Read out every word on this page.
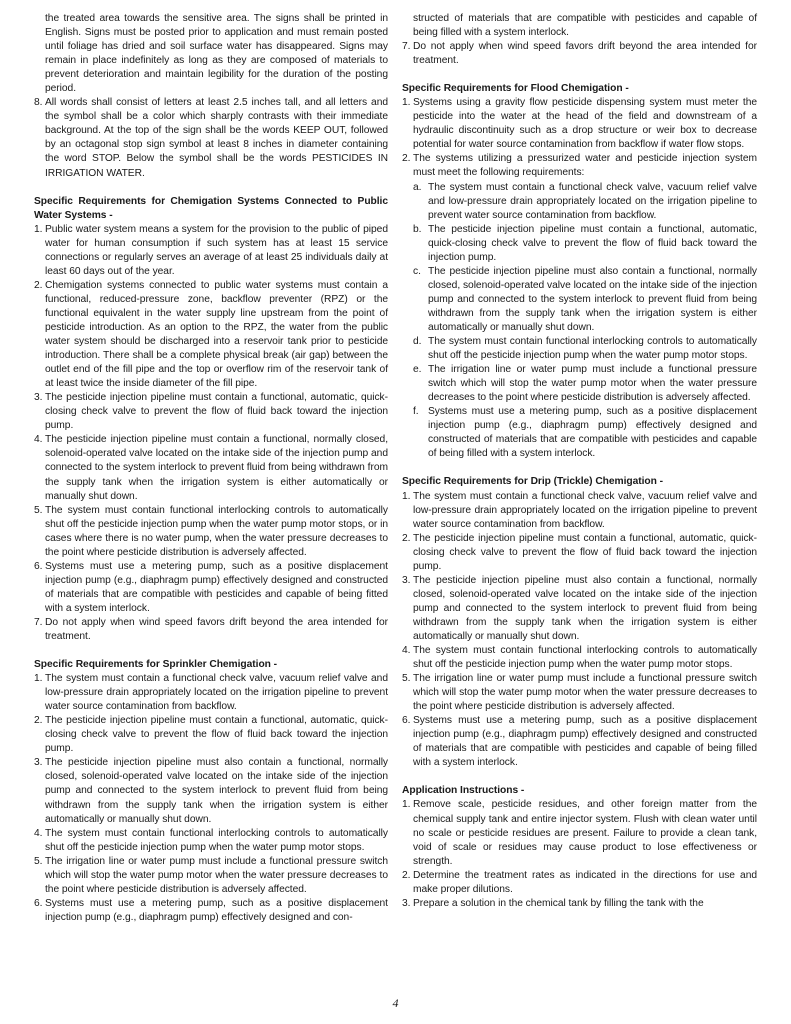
the treated area towards the sensitive area. The signs shall be printed in English. Signs must be posted prior to application and must remain posted until foliage has dried and soil surface water has disappeared. Signs may remain in place indefinitely as long as they are composed of materials to prevent deterioration and maintain legibility for the duration of the posting period.

8. All words shall consist of letters at least 2.5 inches tall, and all letters and the symbol shall be a color which sharply contrasts with their immediate background. At the top of the sign shall be the words KEEP OUT, followed by an octagonal stop sign symbol at least 8 inches in diameter containing the word STOP. Below the symbol shall be the words PESTICIDES IN IRRIGATION WATER.

Specific Requirements for Chemigation Systems Connected to Public Water Systems -

1. Public water system means a system for the provision to the public of piped water for human consumption if such system has at least 15 service connections or regularly serves an average of at least 25 individuals daily at least 60 days out of the year.
2. Chemigation systems connected to public water systems must contain a functional, reduced-pressure zone, backflow preventer (RPZ) or the functional equivalent in the water supply line upstream from the point of pesticide introduction. As an option to the RPZ, the water from the public water system should be discharged into a reservoir tank prior to pesticide introduction. There shall be a complete physical break (air gap) between the outlet end of the fill pipe and the top or overflow rim of the reservoir tank of at least twice the inside diameter of the fill pipe.
3. The pesticide injection pipeline must contain a functional, automatic, quick-closing check valve to prevent the flow of fluid back toward the injection pump.
4. The pesticide injection pipeline must contain a functional, normally closed, solenoid-operated valve located on the intake side of the injection pump and connected to the system interlock to prevent fluid from being withdrawn from the supply tank when the irrigation system is either automatically or manually shut down.
5. The system must contain functional interlocking controls to automatically shut off the pesticide injection pump when the water pump motor stops, or in cases where there is no water pump, when the water pressure decreases to the point where pesticide distribution is adversely affected.
6. Systems must use a metering pump, such as a positive displacement injection pump (e.g., diaphragm pump) effectively designed and constructed of materials that are compatible with pesticides and capable of being fitted with a system interlock.
7. Do not apply when wind speed favors drift beyond the area intended for treatment.

Specific Requirements for Sprinkler Chemigation -

1. The system must contain a functional check valve, vacuum relief valve and low-pressure drain appropriately located on the irrigation pipeline to prevent water source contamination from backflow.
2. The pesticide injection pipeline must contain a functional, automatic, quick-closing check valve to prevent the flow of fluid back toward the injection pump.
3. The pesticide injection pipeline must also contain a functional, normally closed, solenoid-operated valve located on the intake side of the injection pump and connected to the system interlock to prevent fluid from being withdrawn from the supply tank when the irrigation system is either automatically or manually shut down.
4. The system must contain functional interlocking controls to automatically shut off the pesticide injection pump when the water pump motor stops.
5. The irrigation line or water pump must include a functional pressure switch which will stop the water pump motor when the water pressure decreases to the point where pesticide distribution is adversely affected.
6. Systems must use a metering pump, such as a positive displacement injection pump (e.g., diaphragm pump) effectively designed and con-

structed of materials that are compatible with pesticides and capable of being filled with a system interlock.

7. Do not apply when wind speed favors drift beyond the area intended for treatment.

Specific Requirements for Flood Chemigation -

1. Systems using a gravity flow pesticide dispensing system must meter the pesticide into the water at the head of the field and downstream of a hydraulic discontinuity such as a drop structure or weir box to decrease potential for water source contamination from backflow if water flow stops.
2. The systems utilizing a pressurized water and pesticide injection system must meet the following requirements:
a. The system must contain a functional check valve, vacuum relief valve and low-pressure drain appropriately located on the irrigation pipeline to prevent water source contamination from backflow.
b. The pesticide injection pipeline must contain a functional, automatic, quick-closing check valve to prevent the flow of fluid back toward the injection pump.
c. The pesticide injection pipeline must also contain a functional, normally closed, solenoid-operated valve located on the intake side of the injection pump and connected to the system interlock to prevent fluid from being withdrawn from the supply tank when the irrigation system is either automatically or manually shut down.
d. The system must contain functional interlocking controls to automatically shut off the pesticide injection pump when the water pump motor stops.
e. The irrigation line or water pump must include a functional pressure switch which will stop the water pump motor when the water pressure decreases to the point where pesticide distribution is adversely affected.
f. Systems must use a metering pump, such as a positive displacement injection pump (e.g., diaphragm pump) effectively designed and constructed of materials that are compatible with pesticides and capable of being filled with a system interlock.

Specific Requirements for Drip (Trickle) Chemigation -

1. The system must contain a functional check valve, vacuum relief valve and low-pressure drain appropriately located on the irrigation pipeline to prevent water source contamination from backflow.
2. The pesticide injection pipeline must contain a functional, automatic, quick-closing check valve to prevent the flow of fluid back toward the injection pump.
3. The pesticide injection pipeline must also contain a functional, normally closed, solenoid-operated valve located on the intake side of the injection pump and connected to the system interlock to prevent fluid from being withdrawn from the supply tank when the irrigation system is either automatically or manually shut down.
4. The system must contain functional interlocking controls to automatically shut off the pesticide injection pump when the water pump motor stops.
5. The irrigation line or water pump must include a functional pressure switch which will stop the water pump motor when the water pressure decreases to the point where pesticide distribution is adversely affected.
6. Systems must use a metering pump, such as a positive displacement injection pump (e.g., diaphragm pump) effectively designed and constructed of materials that are compatible with pesticides and capable of being filled with a system interlock.

Application Instructions -

1. Remove scale, pesticide residues, and other foreign matter from the chemical supply tank and entire injector system. Flush with clean water until no scale or pesticide residues are present. Failure to provide a clean tank, void of scale or residues may cause product to lose effectiveness or strength.
2. Determine the treatment rates as indicated in the directions for use and make proper dilutions.
3. Prepare a solution in the chemical tank by filling the tank with the
4
